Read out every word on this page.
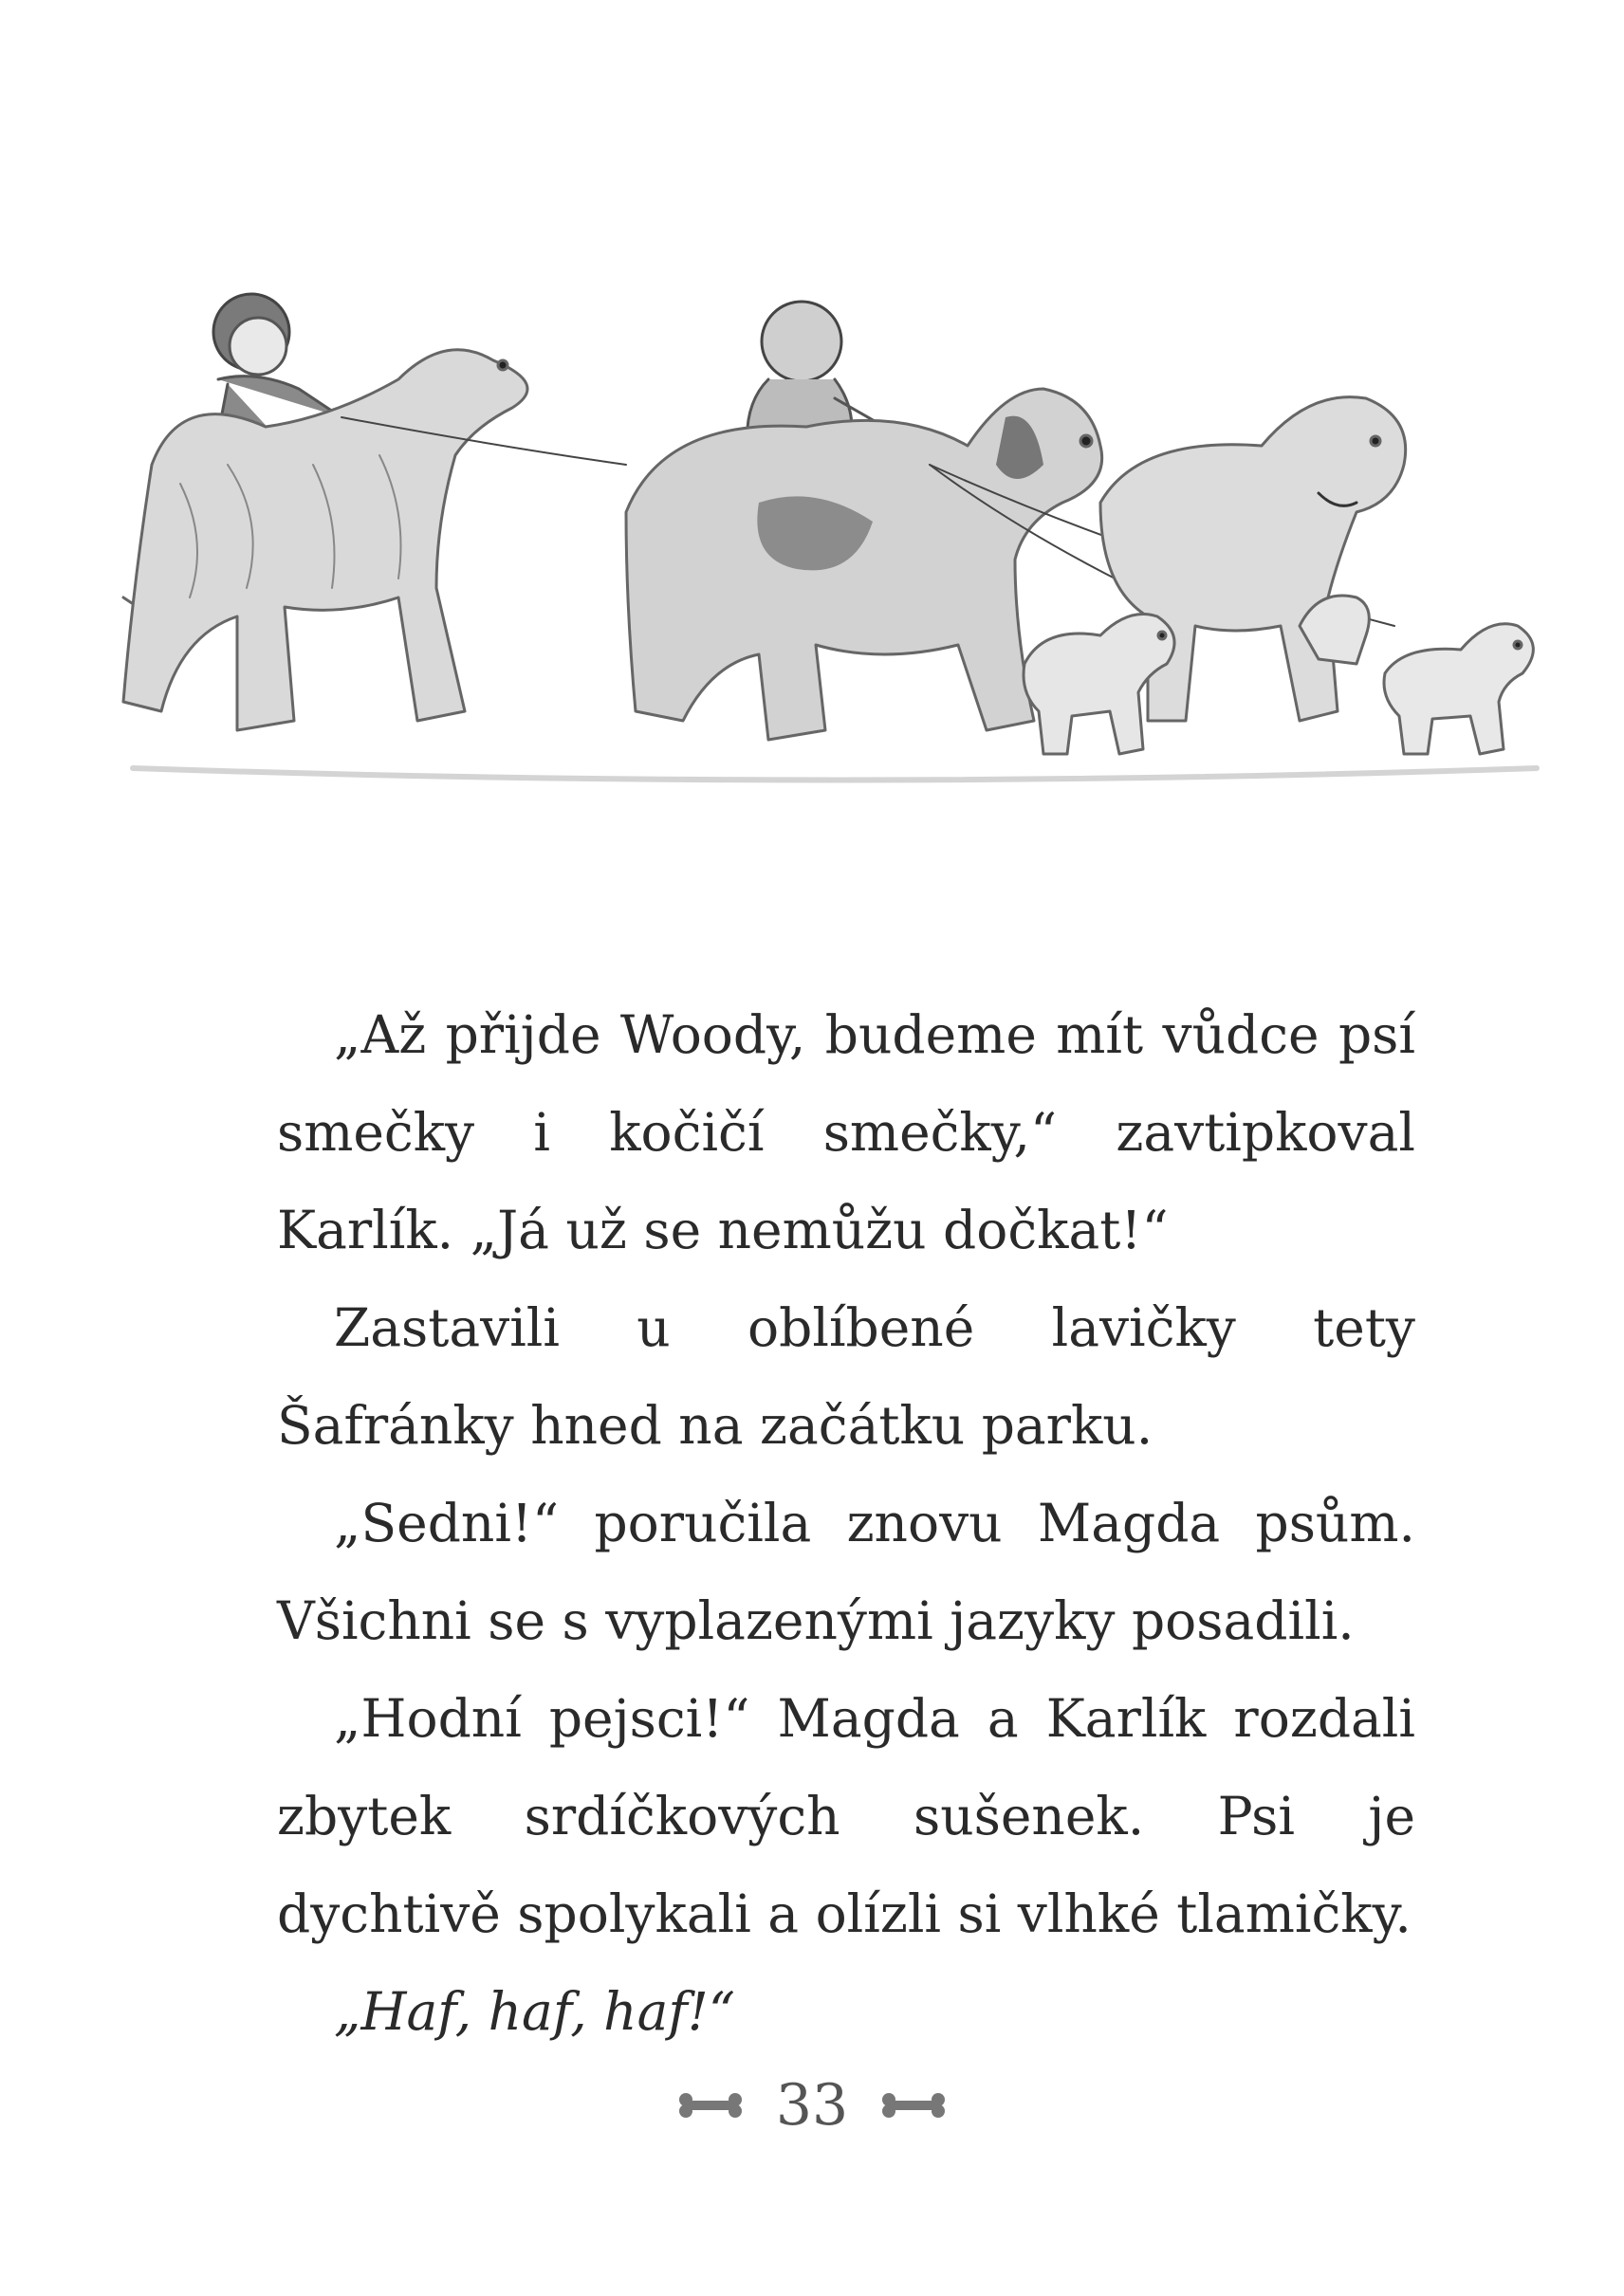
„Až přijde Woody, budeme mít vůdce psí smečky i kočičí smečky,“ zavtipkoval Karlík. „Já už se nemůžu dočkat!“

Zastavili u oblíbené lavičky tety Šafránky hned na začátku parku.

„Sedni!“ poručila znovu Magda psům. Všichni se s vyplazenými jazyky posadili.

„Hodní pejsci!“ Magda a Karlík rozdali zbytek srdíčkových sušenek. Psi je dychtivě spolykali a olízli si vlhké tlamičky.

„Haf, haf, haf!“

33
